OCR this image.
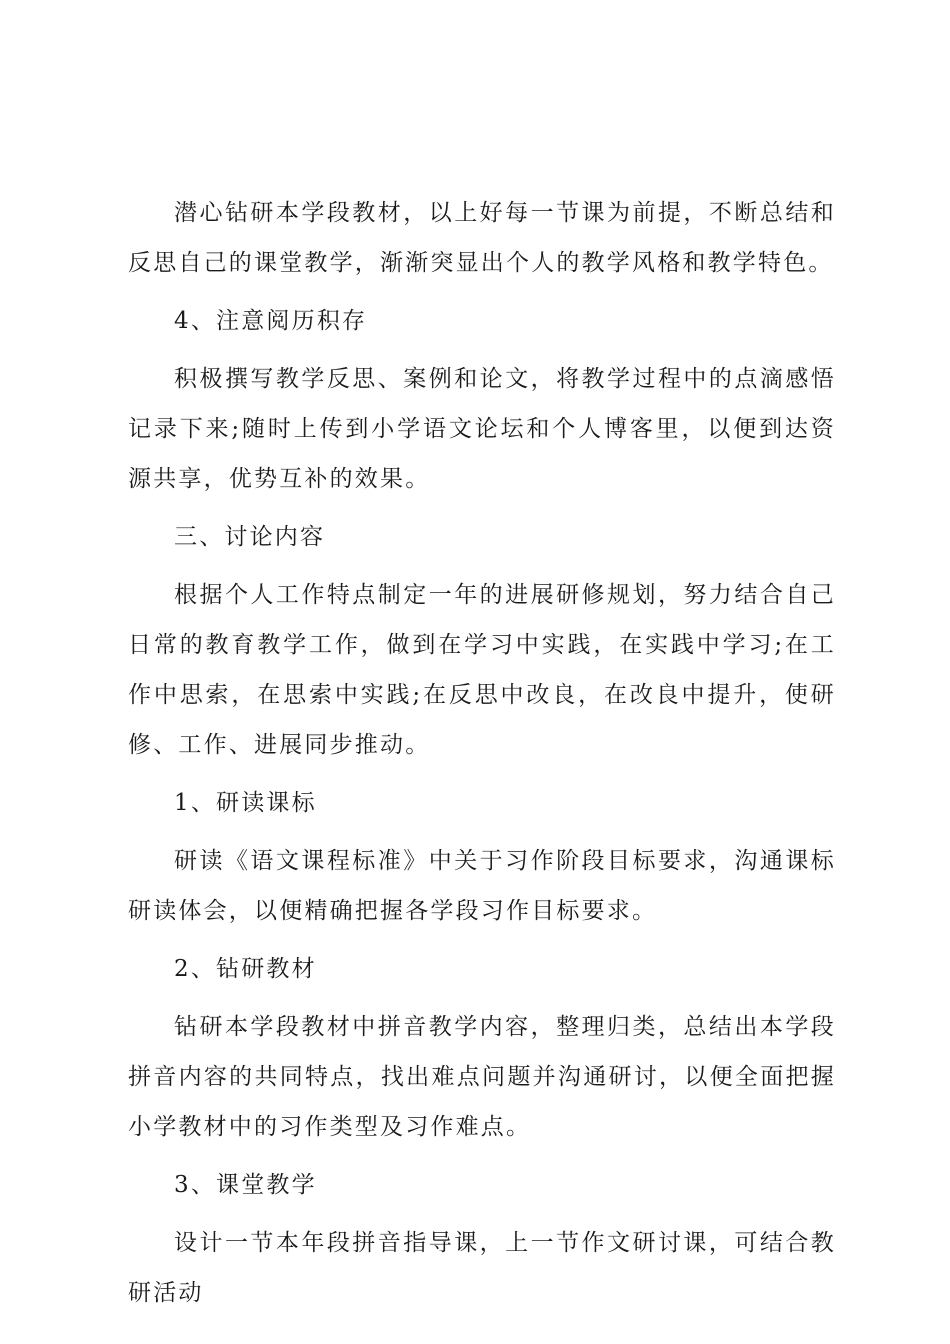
潜心钻研本学段教材，以上好每一节课为前提，不断总结和反思自己的课堂教学，渐渐突显出个人的教学风格和教学特色。

4、注意阅历积存

积极撰写教学反思、案例和论文，将教学过程中的点滴感悟记录下来;随时上传到小学语文论坛和个人博客里，以便到达资源共享，优势互补的效果。

三、讨论内容

根据个人工作特点制定一年的进展研修规划，努力结合自己日常的教育教学工作，做到在学习中实践，在实践中学习;在工作中思索，在思索中实践;在反思中改良，在改良中提升，使研修、工作、进展同步推动。

1、研读课标

研读《语文课程标准》中关于习作阶段目标要求，沟通课标研读体会，以便精确把握各学段习作目标要求。

2、钻研教材

钻研本学段教材中拼音教学内容，整理归类，总结出本学段拼音内容的共同特点，找出难点问题并沟通研讨，以便全面把握小学教材中的习作类型及习作难点。

3、课堂教学

设计一节本年段拼音指导课，上一节作文研讨课，可结合教研活动
